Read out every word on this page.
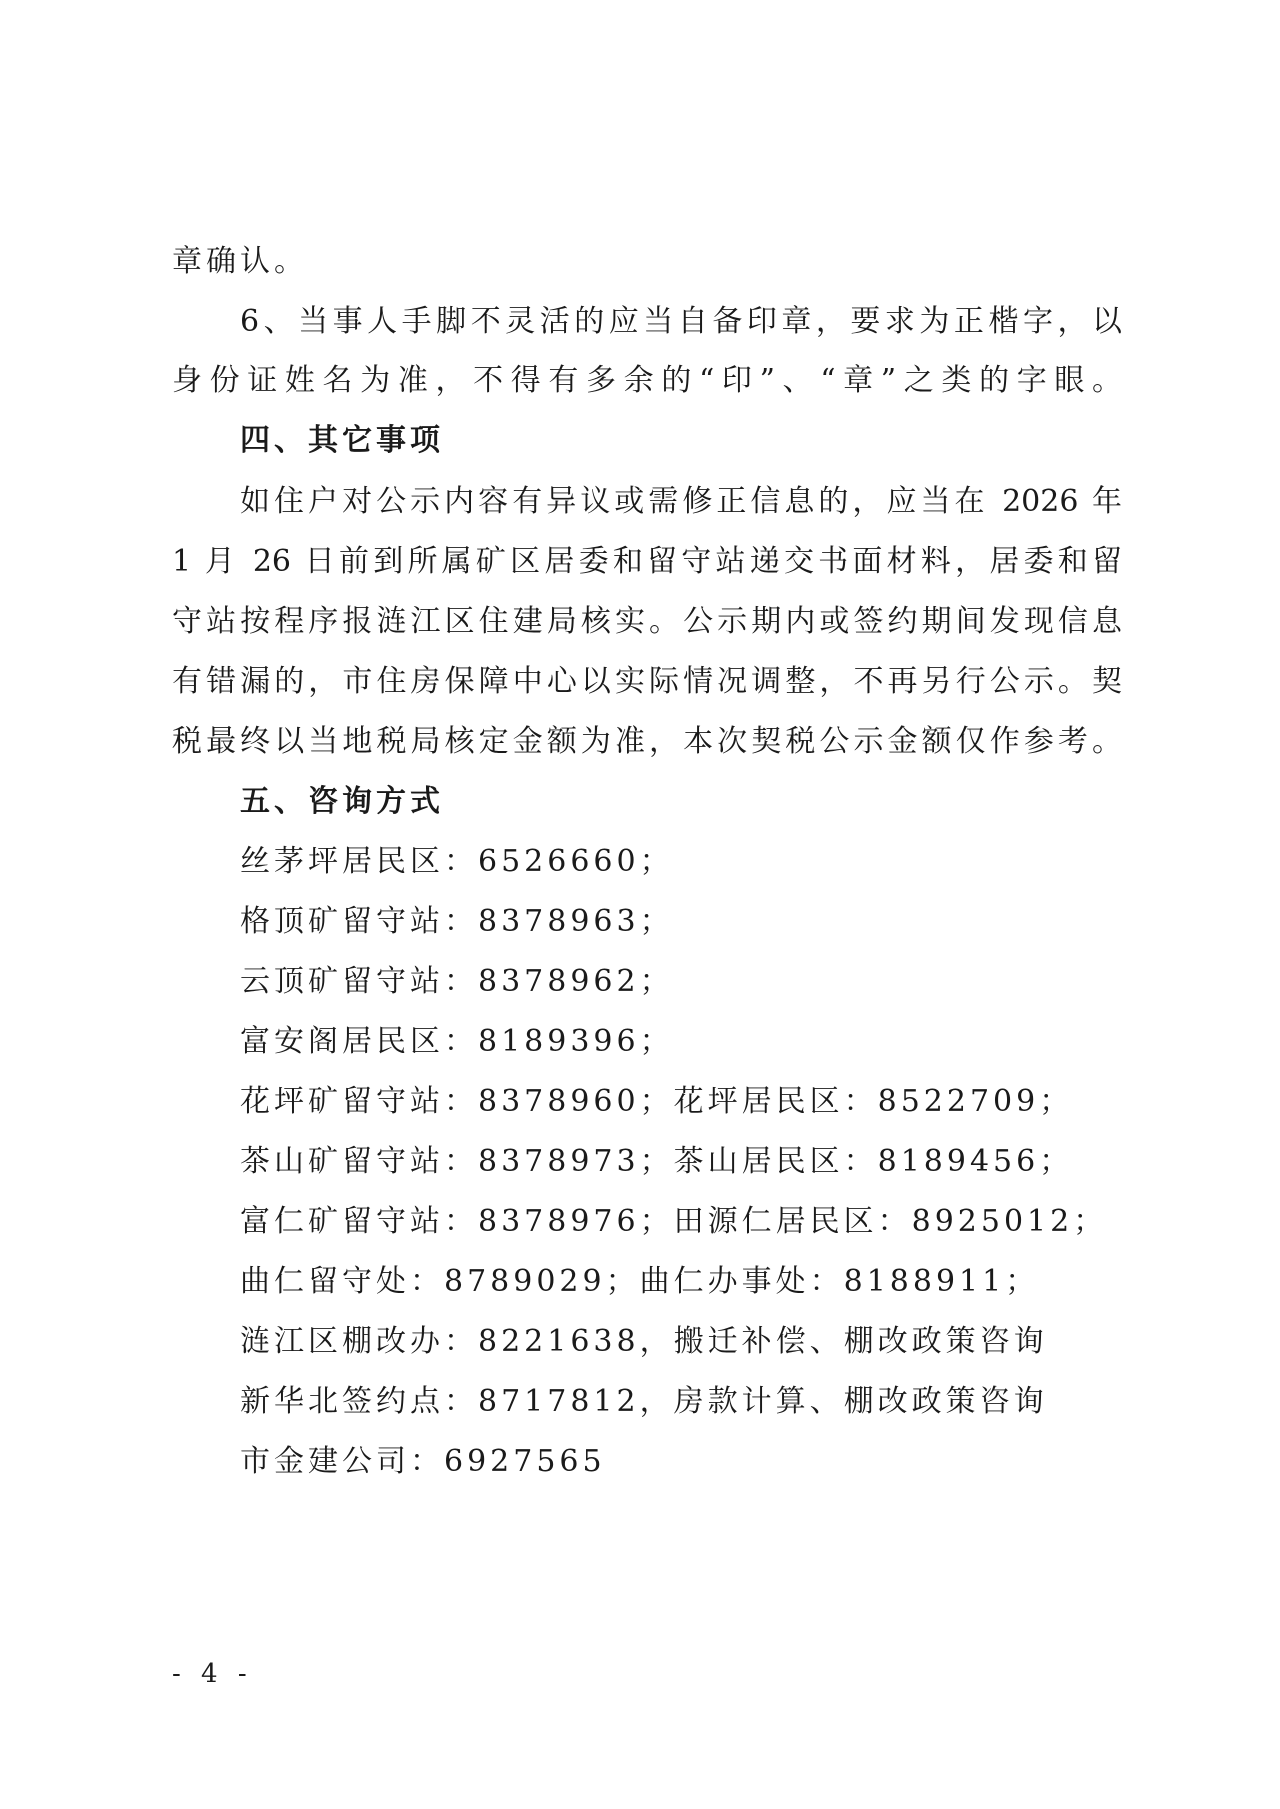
章确认。
6、当事人手脚不灵活的应当自备印章，要求为正楷字，以
身份证姓名为准，不得有多余的“印”、“章”之类的字眼。
四、其它事项
如住户对公示内容有异议或需修正信息的，应当在 2026 年
1 月 26 日前到所属矿区居委和留守站递交书面材料，居委和留
守站按程序报涟江区住建局核实。公示期内或签约期间发现信息
有错漏的，市住房保障中心以实际情况调整，不再另行公示。契
税最终以当地税局核定金额为准，本次契税公示金额仅作参考。
五、咨询方式
丝茅坪居民区：6526660；
格顶矿留守站：8378963；
云顶矿留守站：8378962；
富安阁居民区：8189396；
花坪矿留守站：8378960；花坪居民区：8522709；
茶山矿留守站：8378973；茶山居民区：8189456；
富仁矿留守站：8378976；田源仁居民区：8925012；
曲仁留守处：8789029；曲仁办事处：8188911；
涟江区棚改办：8221638，搬迁补偿、棚改政策咨询
新华北签约点：8717812，房款计算、棚改政策咨询
市金建公司：6927565
- 4 -
